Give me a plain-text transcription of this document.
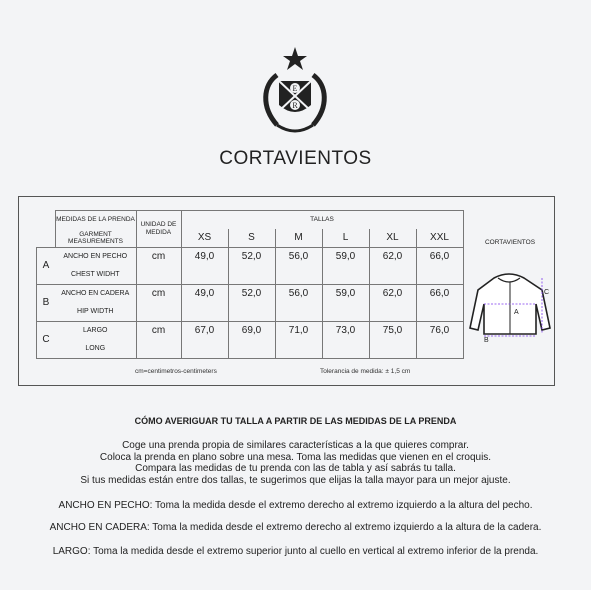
E
R
CORTAVIENTOS
	MEDIDAS DE LA PRENDA	UNIDAD DE MEDIDA	TALLAS					
	GARMENT MEASUREMENTS		XS	S	M	L	XL	XXL
A	ANCHO EN PECHO	cm	49,0	52,0	56,0	59,0	62,0	66,0
	CHEST WIDHT							
B	ANCHO EN CADERA	cm	49,0	52,0	56,0	59,0	62,0	66,0
	HIP WIDTH							
C	LARGO	cm	67,0	69,0	71,0	73,0	75,0	76,0
	LONG							
cm=centimetros-centimeters	Tolerancia de medida: ± 1,5 cm
CORTAVIENTOS
A
B
C
CÓMO AVERIGUAR TU TALLA A PARTIR DE LAS MEDIDAS DE LA PRENDA
Coge una prenda propia de similares características a la que quieres comprar.
Coloca la prenda en plano sobre una mesa. Toma las medidas que vienen en el croquis.
Compara las medidas de tu prenda con las de tabla y así sabrás tu talla.
Si tus medidas están entre dos tallas, te sugerimos que elijas la talla mayor para un mejor ajuste.
ANCHO EN PECHO: Toma la medida desde el extremo derecho al extremo izquierdo a la altura del pecho.
ANCHO EN CADERA: Toma la medida desde el extremo derecho al extremo izquierdo a la altura de la cadera.
LARGO: Toma la medida desde el extremo superior junto al cuello en vertical al extremo inferior de la prenda.
